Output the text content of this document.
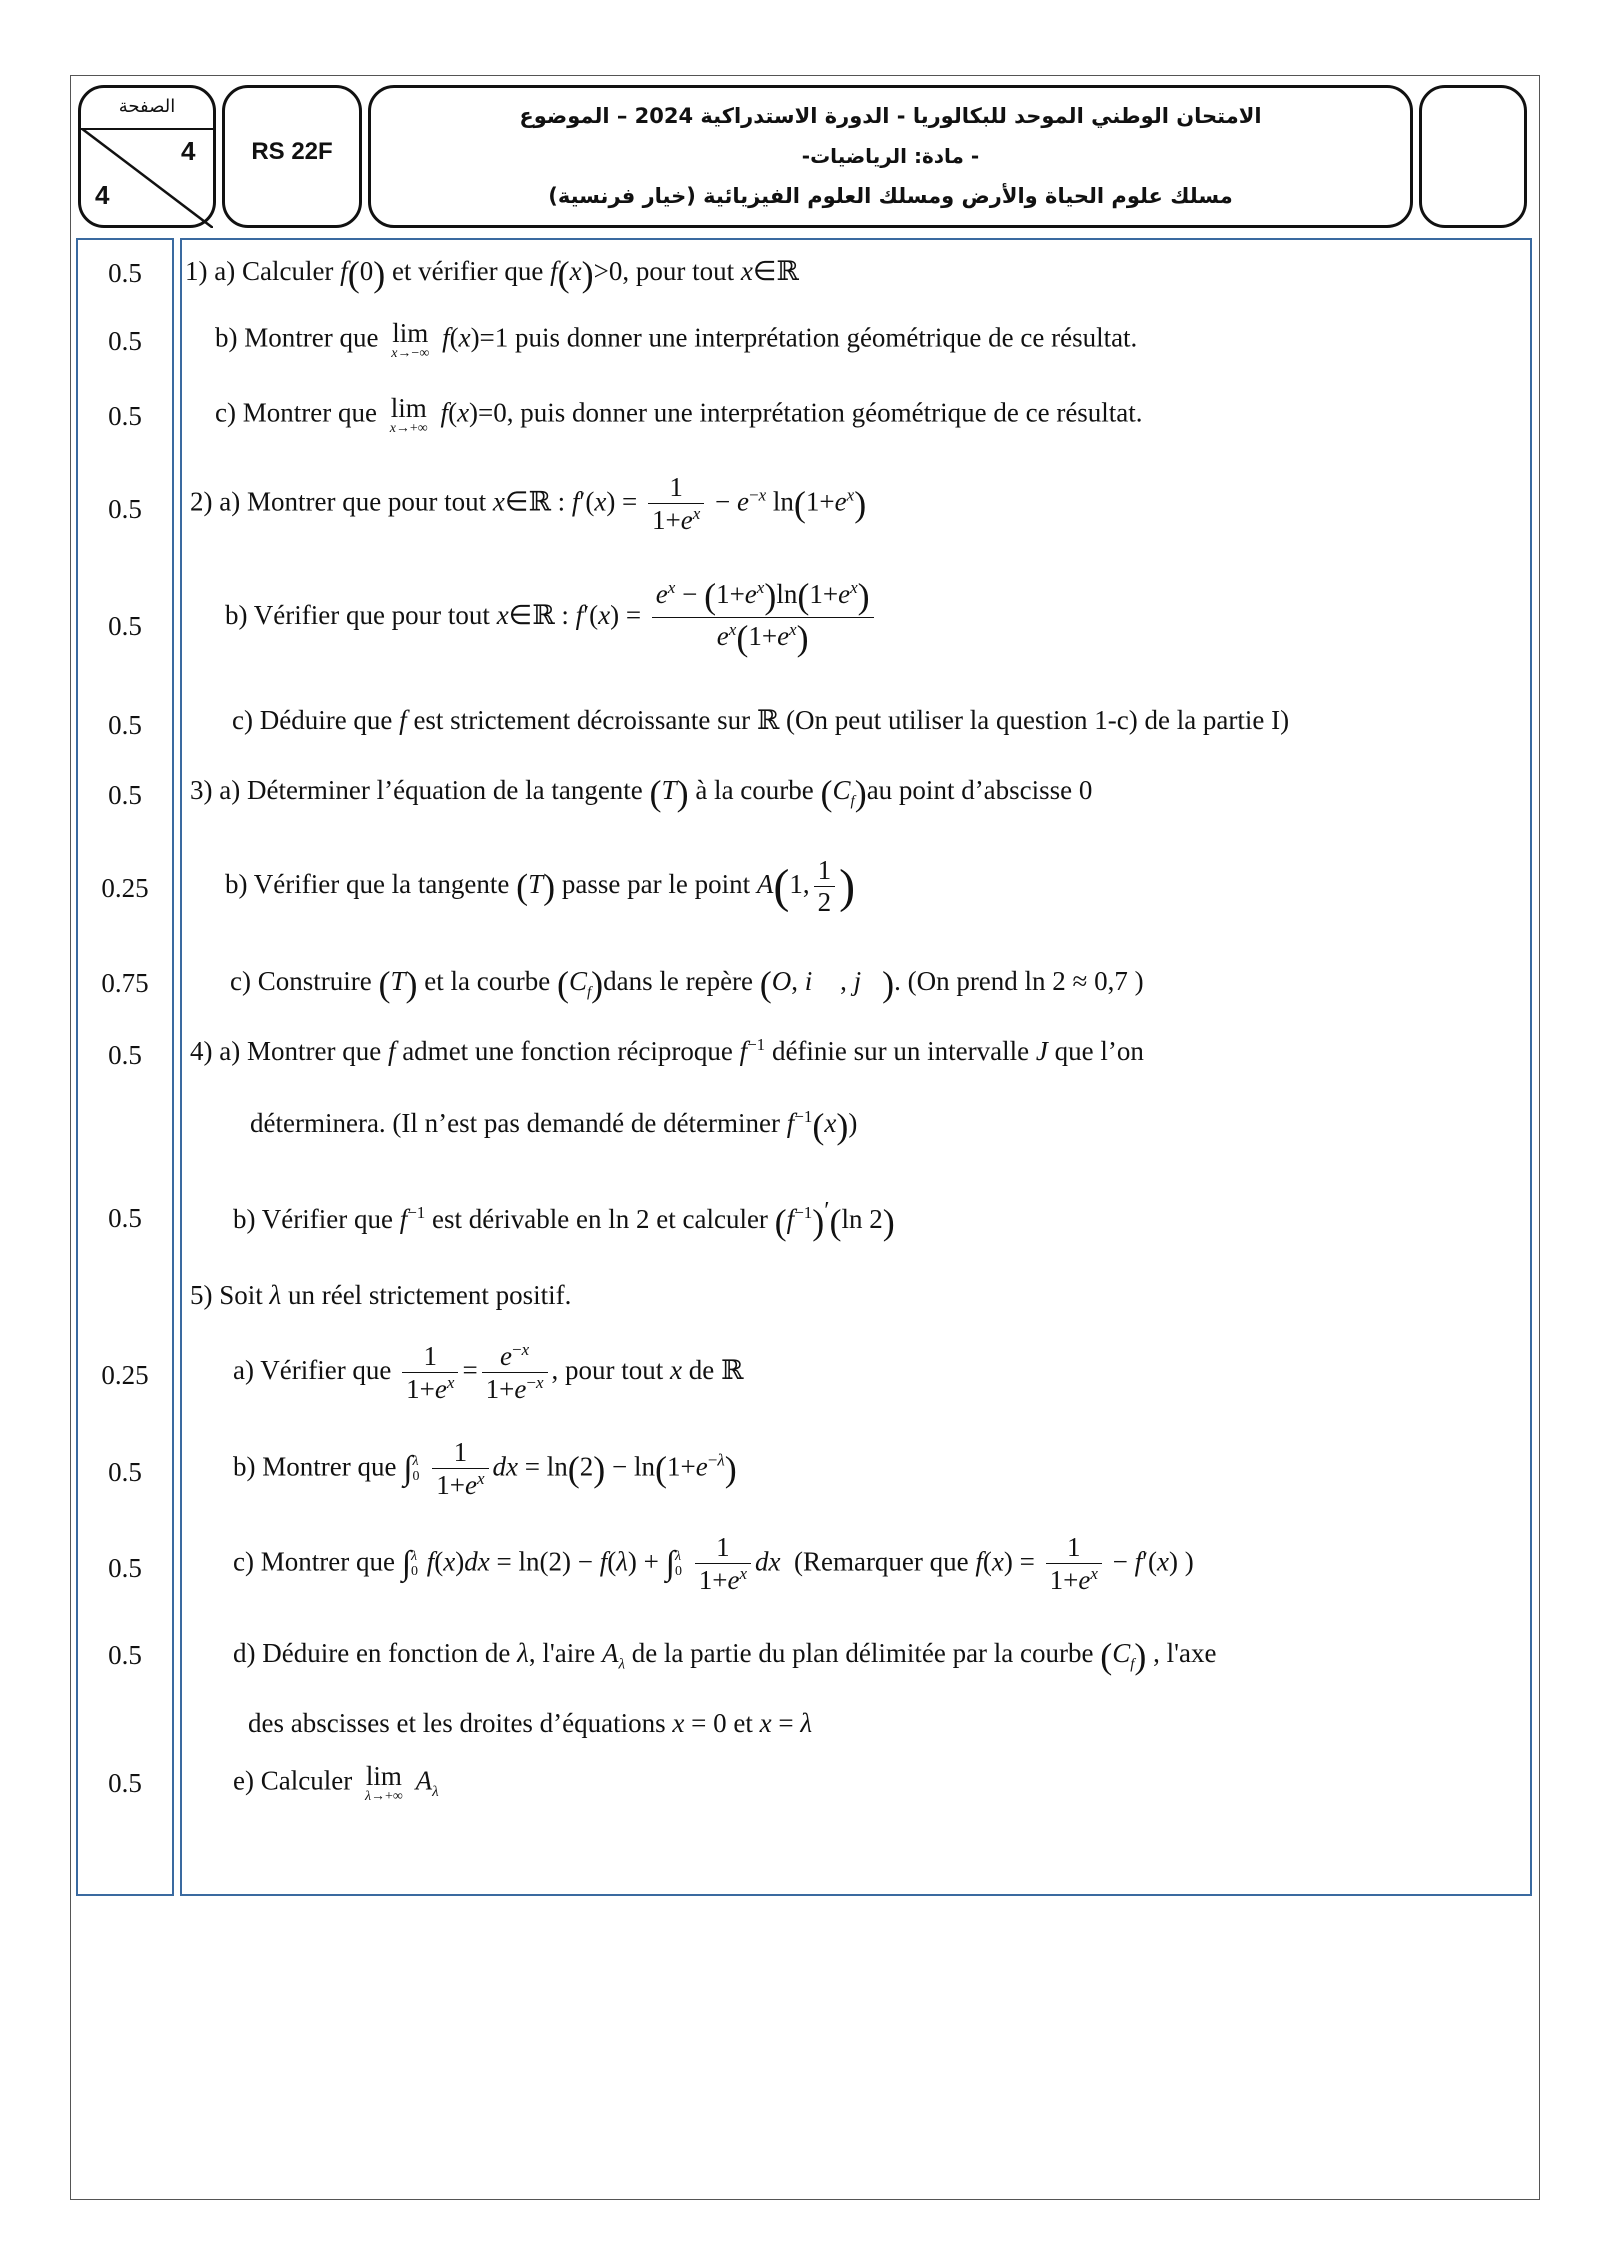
الصفحة
4
4
RS 22F
الامتحان الوطني الموحد للبكالوريا - الدورة الاستدراكية 2024 – الموضوع
- مادة: الرياضيات-
مسلك علوم الحياة والأرض ومسلك العلوم الفيزيائية (خيار فرنسية)
0.5
0.5
0.5
0.5
0.5
0.5
0.5
0.25
0.75
0.5
0.5
0.25
0.5
0.5
0.5
0.5
1) a) Calculer f(0) et vérifier que f(x)>0, pour tout x∈ℝ
b) Montrer que lim
x→−∞
f(x)=1 puis donner une interprétation géométrique de ce résultat.
c) Montrer que lim
x→+∞
f(x)=0, puis donner une interprétation géométrique de ce résultat.
2) a) Montrer que pour tout x∈ℝ : $f'(x) = \frac{1}{1+e^x} - e^{-x}$ $\ln(1+e^x)$
b) Vérifier que pour tout x∈ℝ : $f'(x) = \frac{e^x - (1+e^x)\ln(1+e^x)}{e^x(1+e^x)}$
c) Déduire que f est strictement décroissante sur ℝ (On peut utiliser la question 1-c) de la partie I)
3) a) Déterminer l’équation de la tangente (T) à la courbe $(C_f)au$ point d’abscisse 0
b) Vérifier que la tangente (T) passe par le point A(1, $\frac{1}{2}$ )
c) Construire (T) et la courbe $(C_f)dans$ le repère (O, i⃗ , j⃗). (On prend ln 2 ≈ 0,7 )
4) a) Montrer que f admet une fonction réciproque $f^{-1}$ définie sur un intervalle J que l’on
déterminera. (Il n’est pas demandé de déterminer $f^{-1}(x)$)
b) Vérifier que $f^{-1}$ est dérivable en ln 2 et calculer $(f^{-1})'(\ln$ 2)
5) Soit λ un réel strictement positif.
a) Vérifier que $\frac{1}{1+e^x} = \frac{e^{-x}}{1+e^{-x}}$ , pour tout x de ℝ
b) Montrer que ∫λ
$0 \frac{1}{1+e^x}$ dx = $\ln(2) - \ln(1+e^{-\lambda})$
c) Montrer que ∫λ
0 f(x)dx = ln(2) − f(λ) + ∫λ
$0 \frac{1}{1+e^x}$ dx (Remarquer que $f(x) = \frac{1}{1+e^x} - f'(x)$ )
d) Déduire en fonction de λ, l'aire $A_\lambda$ de la partie du plan délimitée par la courbe $(C_f)$ , l'axe
des abscisses et les droites d’équations x = 0 et x = λ
e) Calculer lim
λ→+∞
$A_\lambda$
